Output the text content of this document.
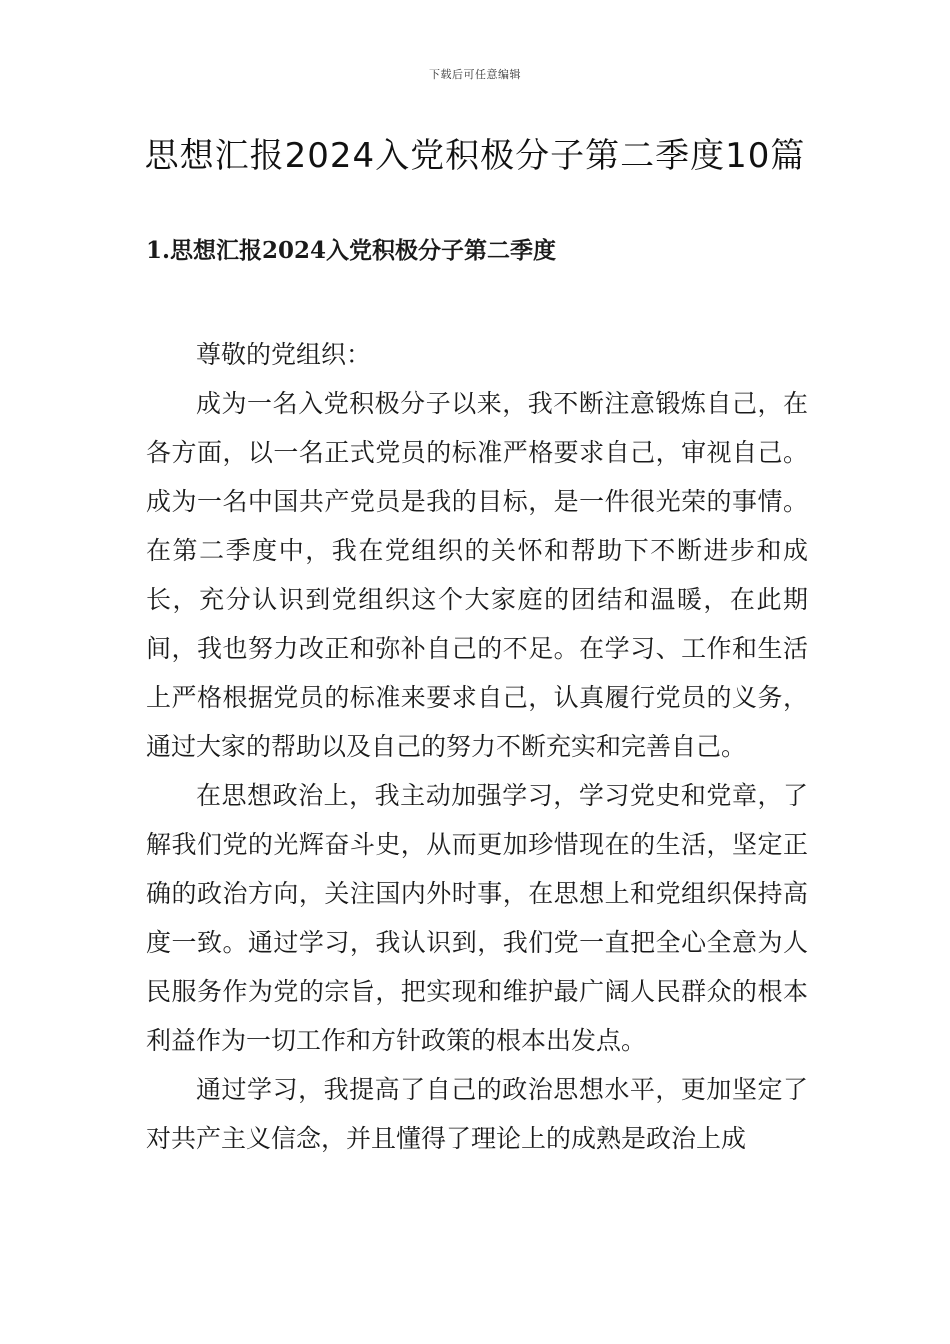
下载后可任意编辑
思想汇报2024入党积极分子第二季度10篇
1.思想汇报2024入党积极分子第二季度

尊敬的党组织：

成为一名入党积极分子以来，我不断注意锻炼自己，在各方面，以一名正式党员的标准严格要求自己，审视自己。成为一名中国共产党员是我的目标，是一件很光荣的事情。在第二季度中，我在党组织的关怀和帮助下不断进步和成长，充分认识到党组织这个大家庭的团结和温暖，在此期间，我也努力改正和弥补自己的不足。在学习、工作和生活上严格根据党员的标准来要求自己，认真履行党员的义务，通过大家的帮助以及自己的努力不断充实和完善自己。

在思想政治上，我主动加强学习，学习党史和党章，了解我们党的光辉奋斗史，从而更加珍惜现在的生活，坚定正确的政治方向，关注国内外时事，在思想上和党组织保持高度一致。通过学习，我认识到，我们党一直把全心全意为人民服务作为党的宗旨，把实现和维护最广阔人民群众的根本利益作为一切工作和方针政策的根本出发点。

通过学习，我提高了自己的政治思想水平，更加坚定了对共产主义信念，并且懂得了理论上的成熟是政治上成
